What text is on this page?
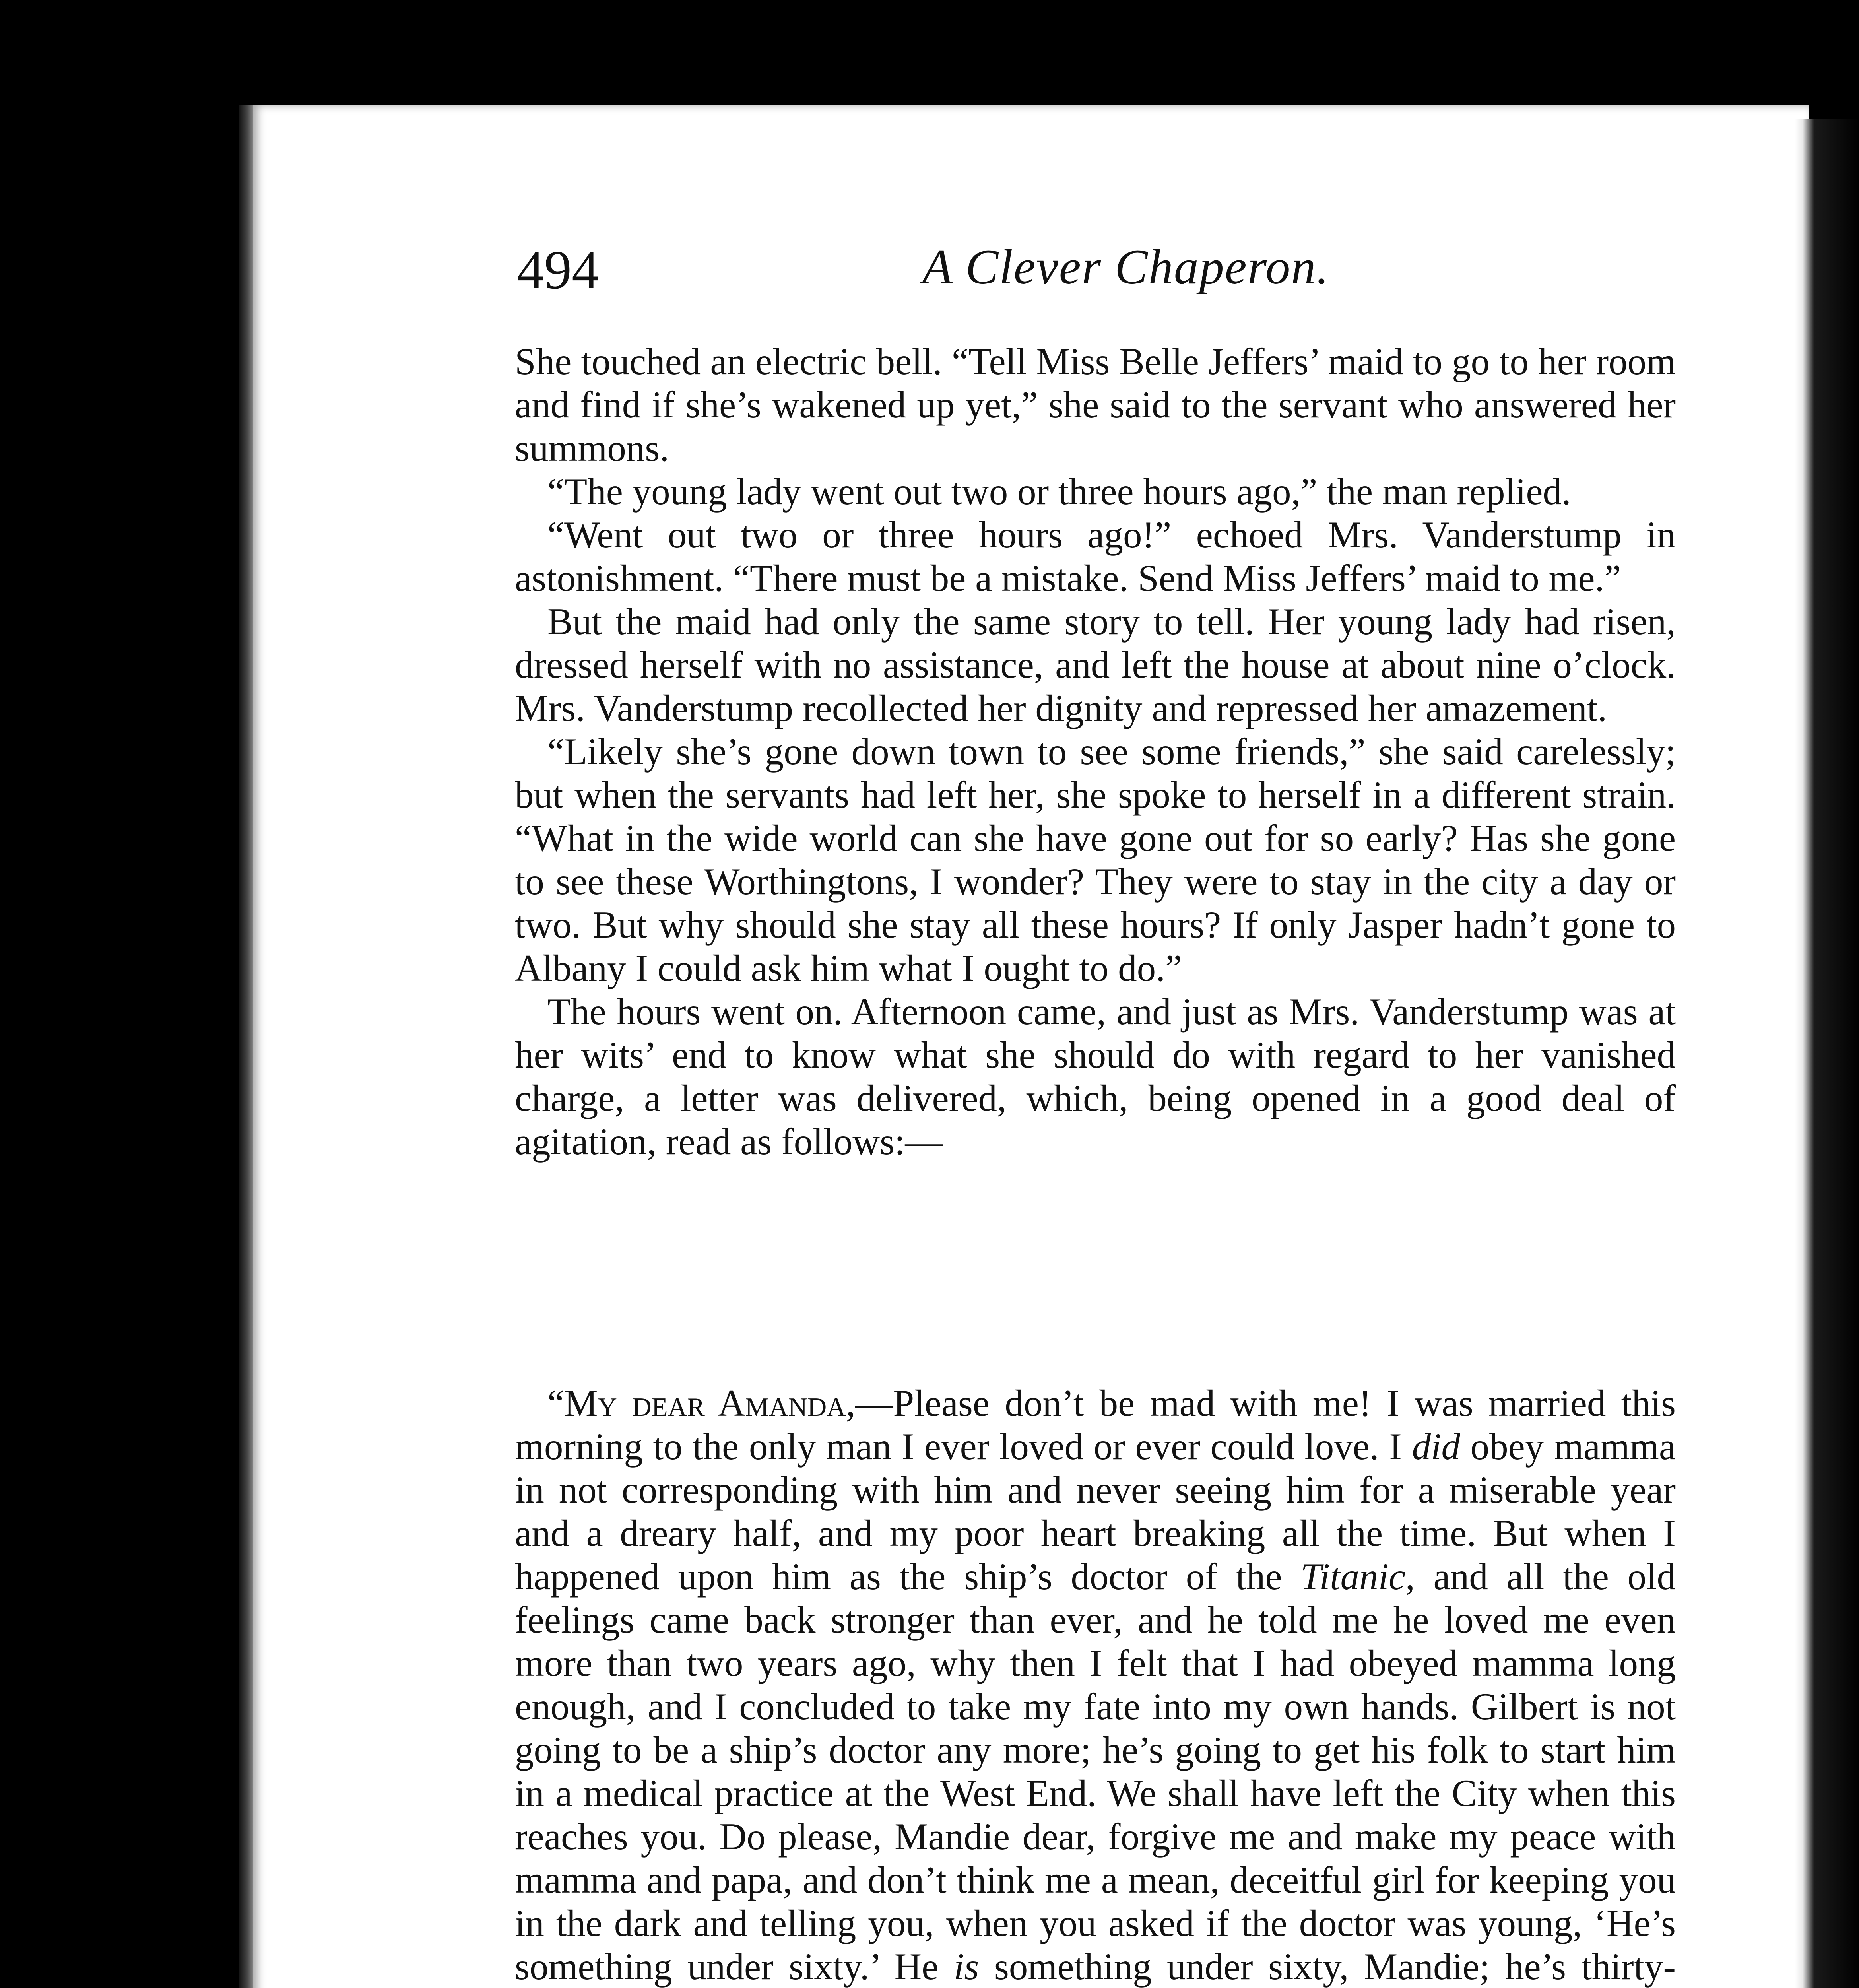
494	A Clever Chaperon.

She touched an electric bell. “Tell Miss Belle Jeffers’ maid to go to her room and find if she’s wakened up yet,” she said to the servant who answered her summons.

“The young lady went out two or three hours ago,” the man replied.

“Went out two or three hours ago!” echoed Mrs. Vanderstump in astonishment. “There must be a mistake. Send Miss Jeffers’ maid to me.”

But the maid had only the same story to tell. Her young lady had risen, dressed herself with no assistance, and left the house at about nine o’clock. Mrs. Vanderstump recollected her dignity and repressed her amazement.

“Likely she’s gone down town to see some friends,” she said carelessly; but when the servants had left her, she spoke to herself in a different strain. “What in the wide world can she have gone out for so early? Has she gone to see these Worthingtons, I wonder? They were to stay in the city a day or two. But why should she stay all these hours? If only Jasper hadn’t gone to Albany I could ask him what I ought to do.”

The hours went on. Afternoon came, and just as Mrs. Vanderstump was at her wits’ end to know what she should do with regard to her vanished charge, a letter was delivered, which, being opened in a good deal of agitation, read as follows:—

“My dear Amanda,—Please don’t be mad with me! I was married this morning to the only man I ever loved or ever could love. I did obey mamma in not corresponding with him and never seeing him for a miserable year and a dreary half, and my poor heart breaking all the time. But when I happened upon him as the ship’s doctor of the Titanic, and all the old feelings came back stronger than ever, and he told me he loved me even more than two years ago, why then I felt that I had obeyed mamma long enough, and I concluded to take my fate into my own hands. Gilbert is not going to be a ship’s doctor any more; he’s going to get his folk to start him in a medical practice at the West End. We shall have left the City when this reaches you. Do please, Mandie dear, forgive me and make my peace with mamma and papa, and don’t think me a mean, deceitful girl for keeping you in the dark and telling you, when you asked if the doctor was young, ‘He’s something under sixty.’ He is something under sixty, Mandie; he’s thirty-
